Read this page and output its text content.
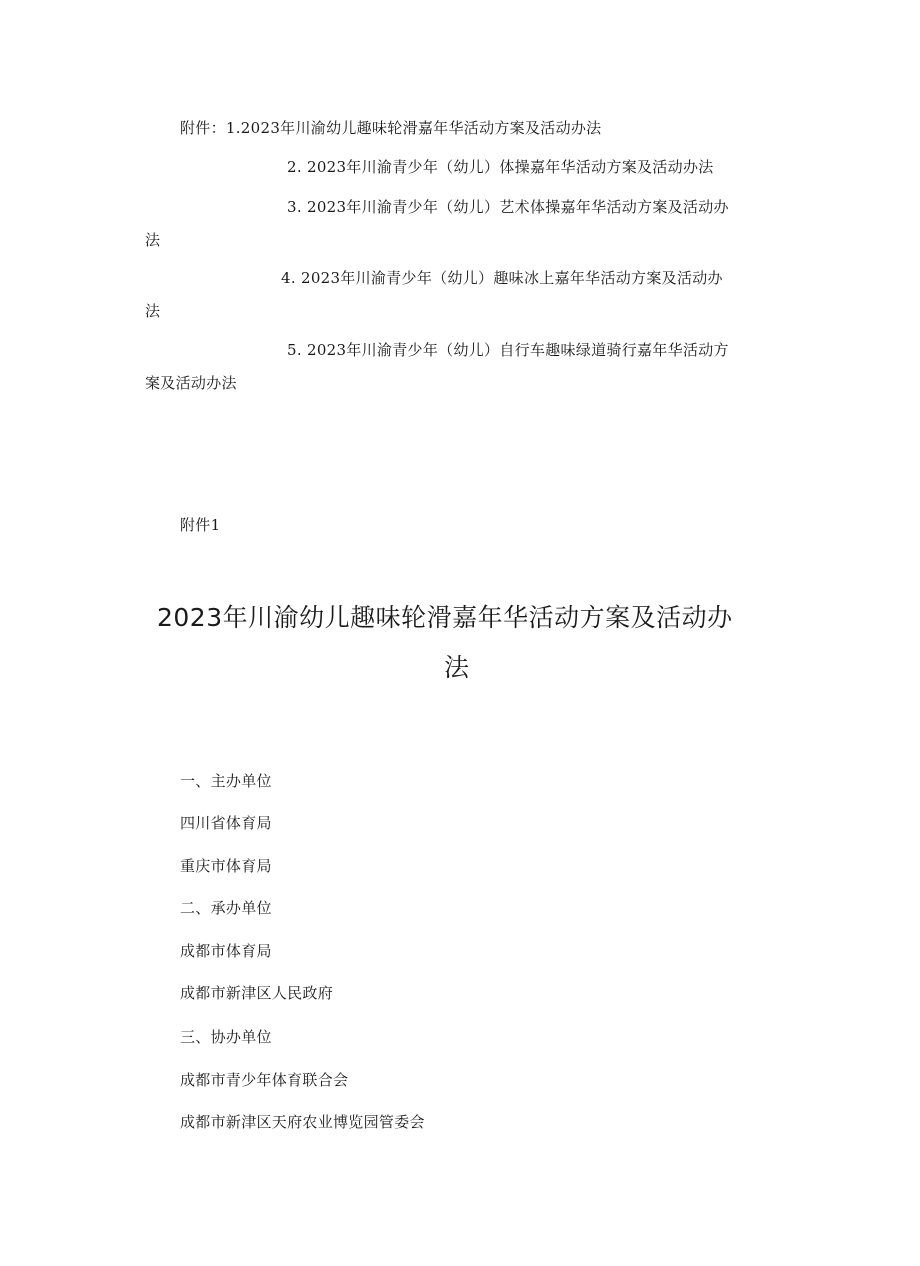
附件：1.2023年川渝幼儿趣味轮滑嘉年华活动方案及活动办法
2. 2023年川渝青少年（幼儿）体操嘉年华活动方案及活动办法
3. 2023年川渝青少年（幼儿）艺术体操嘉年华活动方案及活动办
法
4. 2023年川渝青少年（幼儿）趣味冰上嘉年华活动方案及活动办
法
5. 2023年川渝青少年（幼儿）自行车趣味绿道骑行嘉年华活动方
案及活动办法
附件1
2023年川渝幼儿趣味轮滑嘉年华活动方案及活动办
法
一、主办单位
四川省体育局
重庆市体育局
二、承办单位
成都市体育局
成都市新津区人民政府
三、协办单位
成都市青少年体育联合会
成都市新津区天府农业博览园管委会
